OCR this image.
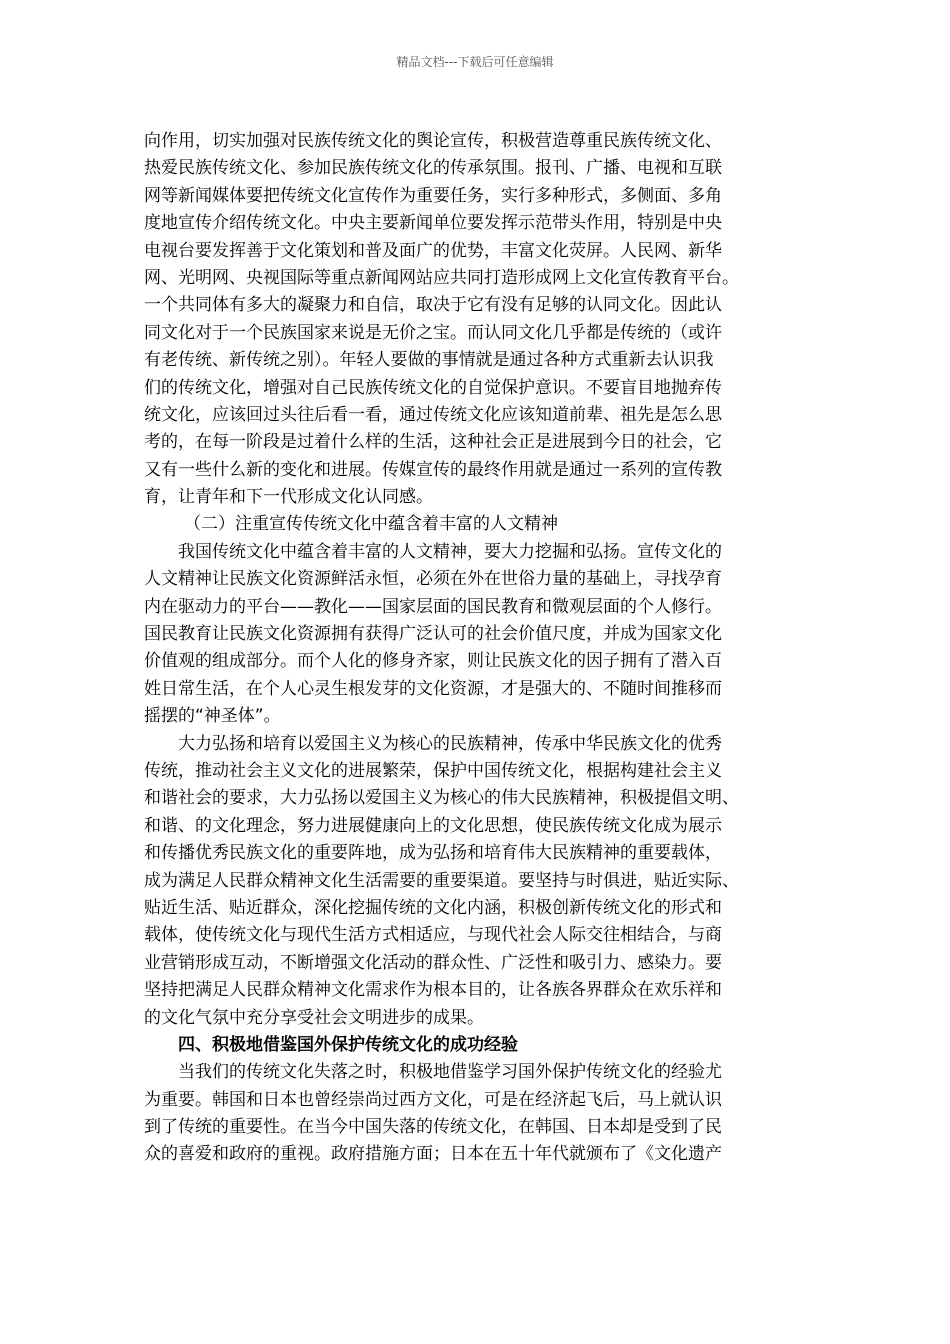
精品文档---下载后可任意编辑
向作用，切实加强对民族传统文化的舆论宣传，积极营造尊重民族传统文化、
热爱民族传统文化、参加民族传统文化的传承氛围。报刊、广播、电视和互联
网等新闻媒体要把传统文化宣传作为重要任务，实行多种形式，多侧面、多角
度地宣传介绍传统文化。中央主要新闻单位要发挥示范带头作用，特别是中央
电视台要发挥善于文化策划和普及面广的优势，丰富文化荧屏。人民网、新华
网、光明网、央视国际等重点新闻网站应共同打造形成网上文化宣传教育平台。
一个共同体有多大的凝聚力和自信，取决于它有没有足够的认同文化。因此认
同文化对于一个民族国家来说是无价之宝。而认同文化几乎都是传统的（或许
有老传统、新传统之别）。年轻人要做的事情就是通过各种方式重新去认识我
们的传统文化，增强对自己民族传统文化的自觉保护意识。不要盲目地抛弃传
统文化，应该回过头往后看一看，通过传统文化应该知道前辈、祖先是怎么思
考的，在每一阶段是过着什么样的生活，这种社会正是进展到今日的社会，它
又有一些什么新的变化和进展。传媒宣传的最终作用就是通过一系列的宣传教
育，让青年和下一代形成文化认同感。
（二）注重宣传传统文化中蕴含着丰富的人文精神
我国传统文化中蕴含着丰富的人文精神，要大力挖掘和弘扬。宣传文化的
人文精神让民族文化资源鲜活永恒，必须在外在世俗力量的基础上，寻找孕育
内在驱动力的平台——教化——国家层面的国民教育和微观层面的个人修行。
国民教育让民族文化资源拥有获得广泛认可的社会价值尺度，并成为国家文化
价值观的组成部分。而个人化的修身齐家，则让民族文化的因子拥有了潜入百
姓日常生活，在个人心灵生根发芽的文化资源，才是强大的、不随时间推移而
摇摆的“神圣体”。
大力弘扬和培育以爱国主义为核心的民族精神，传承中华民族文化的优秀
传统，推动社会主义文化的进展繁荣，保护中国传统文化，根据构建社会主义
和谐社会的要求，大力弘扬以爱国主义为核心的伟大民族精神，积极提倡文明、
和谐、的文化理念，努力进展健康向上的文化思想，使民族传统文化成为展示
和传播优秀民族文化的重要阵地，成为弘扬和培育伟大民族精神的重要载体，
成为满足人民群众精神文化生活需要的重要渠道。要坚持与时俱进，贴近实际、
贴近生活、贴近群众，深化挖掘传统的文化内涵，积极创新传统文化的形式和
载体，使传统文化与现代生活方式相适应，与现代社会人际交往相结合，与商
业营销形成互动，不断增强文化活动的群众性、广泛性和吸引力、感染力。要
坚持把满足人民群众精神文化需求作为根本目的，让各族各界群众在欢乐祥和
的文化气氛中充分享受社会文明进步的成果。
四、积极地借鉴国外保护传统文化的成功经验
当我们的传统文化失落之时，积极地借鉴学习国外保护传统文化的经验尤
为重要。韩国和日本也曾经崇尚过西方文化，可是在经济起飞后，马上就认识
到了传统的重要性。在当今中国失落的传统文化，在韩国、日本却是受到了民
众的喜爱和政府的重视。政府措施方面；日本在五十年代就颁布了《文化遗产
